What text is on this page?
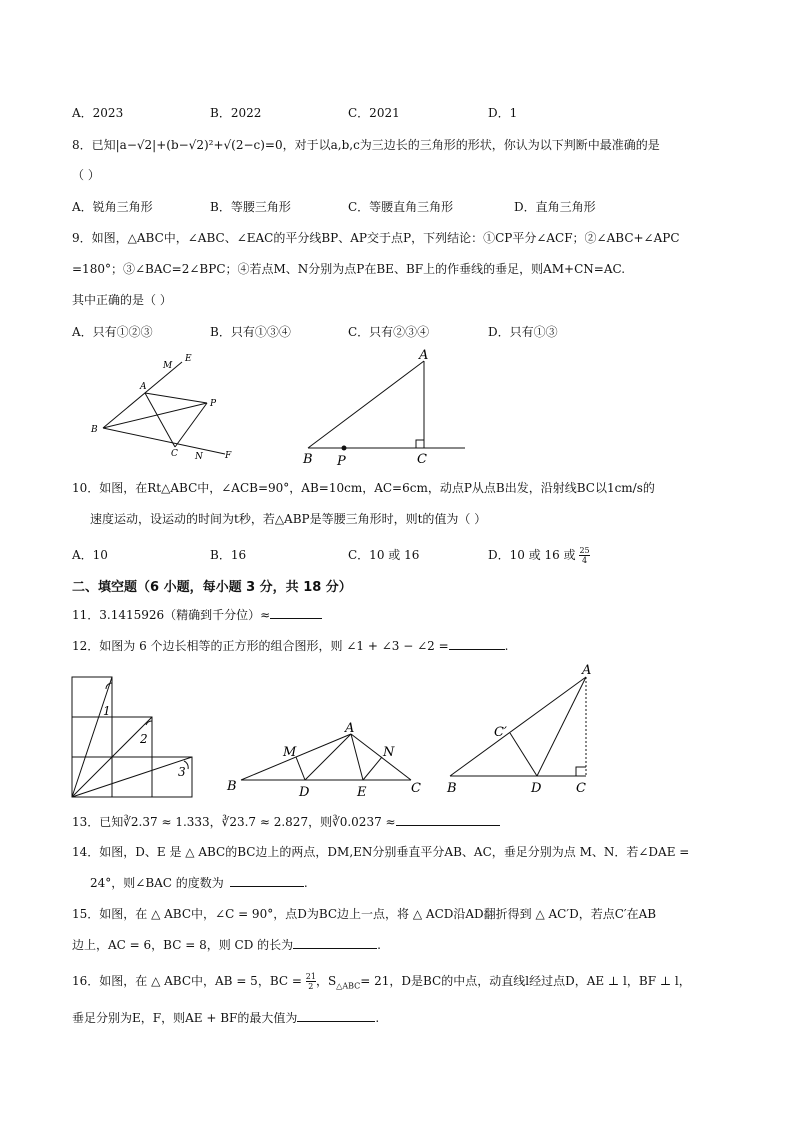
A．2023	B．2022	C．2021	D．1
8．已知|a−√2|+(b−√2)²+√(2−c)=0，对于以a,b,c为三边长的三角形的形状，你认为以下判断中最准确的是
（ ）
A．锐角三角形	B．等腰三角形	C．等腰直角三角形	D．直角三角形
9．如图，△ABC中，∠ABC、∠EAC的平分线BP、AP交于点P，下列结论：①CP平分∠ACF；②∠ABC+∠APC
=180°；③∠BAC=2∠BPC；④若点M、N分别为点P在BE、BF上的作垂线的垂足，则AM+CN=AC.
其中正确的是（ ）
A．只有①②③	B．只有①③④	C．只有②③④	D．只有①③
M
E
A
P
B
C N F
A
B P	C
10．如图，在Rt△ABC中，∠ACB=90°，AB=10cm，AC=6cm，动点P从点B出发，沿射线BC以1cm/s的
速度运动，设运动的时间为t秒，若△ABP是等腰三角形时，则t的值为（ ）
A．10	B．16	C．10 或 16	D．10 或 16 或 $\frac{25}{4}$
二、填空题（6 小题，每小题 3 分，共 18 分）
11．3.1415926（精确到千分位）≈
12．如图为 6 个边长相等的正方形的组合图形，则 ∠1 + ∠3 − ∠2 =	.
1
2
3
A
M	N
B	D	E	C
A
C′
B	D	C
13．已知∛2.37 ≈ 1.333，∛23.7 ≈ 2.827，则∛0.0237 ≈
14．如图，D、E 是 △ ABC的BC边上的两点，DM,EN分别垂直平分AB、AC，垂足分别为点 M、N．若∠DAE =
24°，则∠BAC 的度数为	.
15．如图，在 △ ABC中，∠C = 90°，点D为BC边上一点，将 △ ACD沿AD翻折得到 △ AC′D，若点C′在AB
边上，AC = 6，BC = 8，则 CD 的长为	.
16．如图，在 △ ABC中，AB = 5，BC = $\frac{21}{2}$ ，$S_{\triangle ABC}= 21$，D是BC的中点，动直线l经过点D，AE ⊥ l，BF ⊥ l，
垂足分别为E，F，则AE + BF的最大值为	.
